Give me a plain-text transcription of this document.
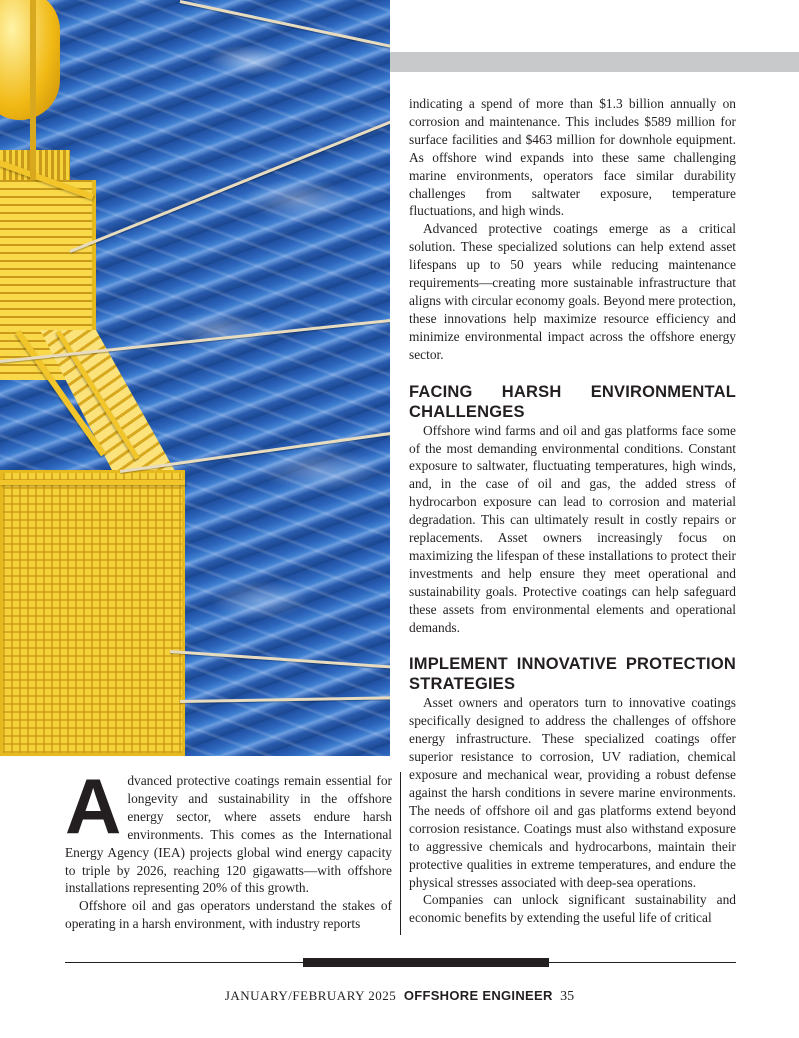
indicating a spend of more than $1.3 billion annually on corrosion and maintenance. This includes $589 million for surface facilities and $463 million for downhole equipment. As offshore wind expands into these same challenging marine environments, operators face similar durability challenges from saltwater exposure, temperature fluctuations, and high winds.

Advanced protective coatings emerge as a critical solution. These specialized solutions can help extend asset lifespans up to 50 years while reducing maintenance requirements—creating more sustainable infrastructure that aligns with circular economy goals. Beyond mere protection, these innovations help maximize resource efficiency and minimize environmental impact across the offshore energy sector.

FACING HARSH ENVIRONMENTAL CHALLENGES

Offshore wind farms and oil and gas platforms face some of the most demanding environmental conditions. Constant exposure to saltwater, fluctuating temperatures, high winds, and, in the case of oil and gas, the added stress of hydrocarbon exposure can lead to corrosion and material degradation. This can ultimately result in costly repairs or replacements. Asset owners increasingly focus on maximizing the lifespan of these installations to protect their investments and help ensure they meet operational and sustainability goals. Protective coatings can help safeguard these assets from environmental elements and operational demands.

IMPLEMENT INNOVATIVE PROTECTION STRATEGIES

Asset owners and operators turn to innovative coatings specifically designed to address the challenges of offshore energy infrastructure. These specialized coatings offer superior resistance to corrosion, UV radiation, chemical exposure and mechanical wear, providing a robust defense against the harsh conditions in severe marine environments. The needs of offshore oil and gas platforms extend beyond corrosion resistance. Coatings must also withstand exposure to aggressive chemicals and hydrocarbons, maintain their protective qualities in extreme temperatures, and endure the physical stresses associated with deep-sea operations.

Companies can unlock significant sustainability and economic benefits by extending the useful life of critical

Advanced protective coatings remain essential for longevity and sustainability in the offshore energy sector, where assets endure harsh environments. This comes as the International Energy Agency (IEA) projects global wind energy capacity to triple by 2026, reaching 120 gigawatts—with offshore installations representing 20% of this growth.

Offshore oil and gas operators understand the stakes of operating in a harsh environment, with industry reports

JANUARY/FEBRUARY 2025 OFFSHORE ENGINEER 35
